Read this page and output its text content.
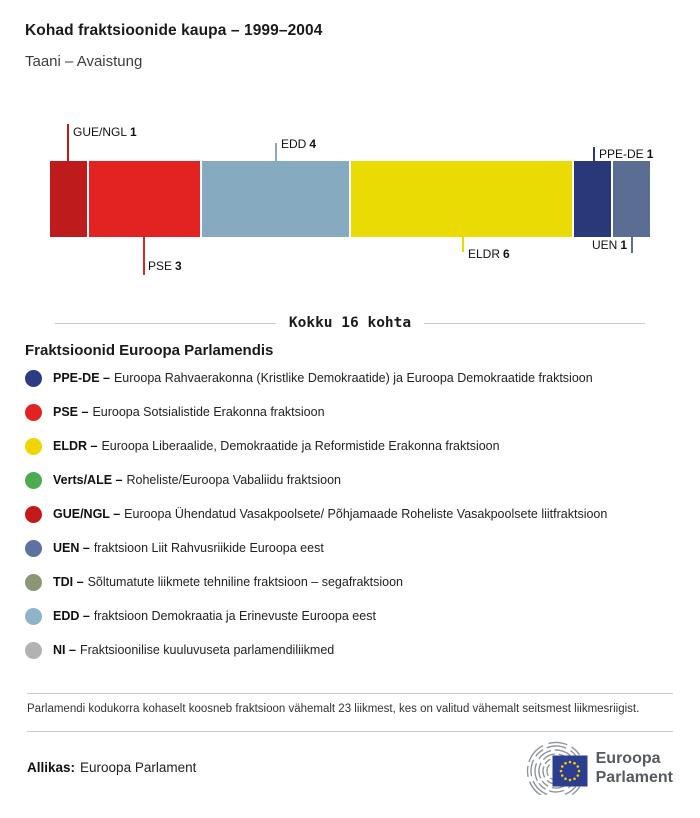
Kohad fraktsioonide kaupa – 1999–2004
Taani – Avaistung
GUE/NGL 1
EDD 4
PPE-DE 1
PSE 3
ELDR 6
UEN 1
Kokku 16 kohta
Fraktsioonid Euroopa Parlamendis
PPE-DE – Euroopa Rahvaerakonna (Kristlike Demokraatide) ja Euroopa Demokraatide fraktsioon
PSE – Euroopa Sotsialistide Erakonna fraktsioon
ELDR – Euroopa Liberaalide, Demokraatide ja Reformistide Erakonna fraktsioon
Verts/ALE – Roheliste/Euroopa Vabaliidu fraktsioon
GUE/NGL – Euroopa Ühendatud Vasakpoolsete/ Põhjamaade Roheliste Vasakpoolsete liitfraktsioon
UEN – fraktsioon Liit Rahvusriikide Euroopa eest
TDI – Sõltumatute liikmete tehniline fraktsioon – segafraktsioon
EDD – fraktsioon Demokraatia ja Erinevuste Euroopa eest
NI – Fraktsioonilise kuuluvuseta parlamendiliikmed
Parlamendi kodukorra kohaselt koosneb fraktsioon vähemalt 23 liikmest, kes on valitud vähemalt seitsmest liikmesriigist.
Allikas: Euroopa Parlament
Euroopa
Parlament
